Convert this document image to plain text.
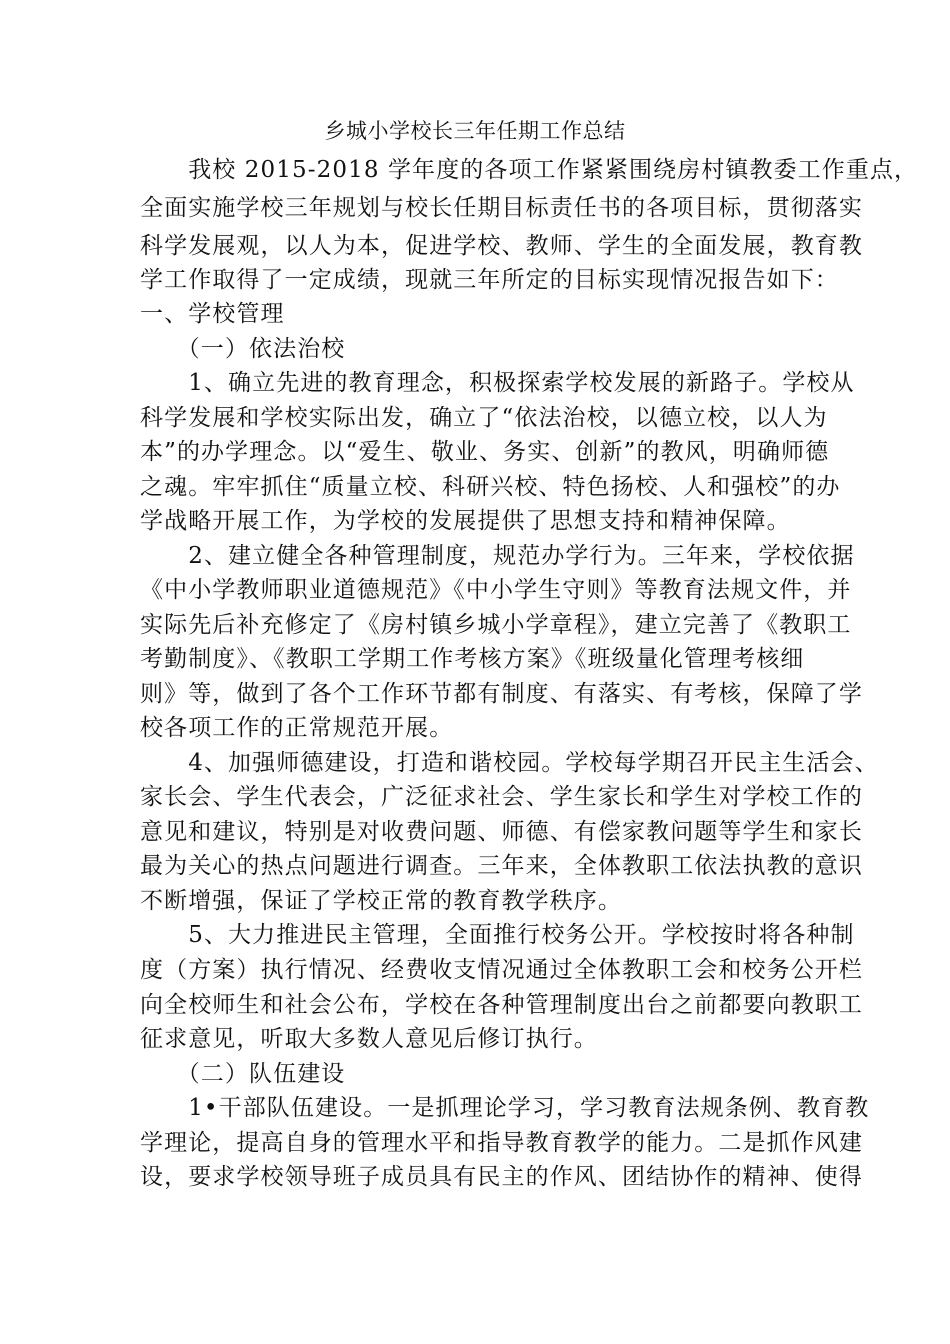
乡城小学校长三年任期工作总结
　　我校 2015-2018 学年度的各项工作紧紧围绕房村镇教委工作重点，
全面实施学校三年规划与校长任期目标责任书的各项目标，贯彻落实
科学发展观，以人为本，促进学校、教师、学生的全面发展，教育教
学工作取得了一定成绩，现就三年所定的目标实现情况报告如下：
一、学校管理
　　（一）依法治校
　　1、确立先进的教育理念，积极探索学校发展的新路子。学校从
科学发展和学校实际出发，确立了“依法治校，以德立校，以人为
本”的办学理念。以“爱生、敬业、务实、创新”的教风，明确师德
之魂。牢牢抓住“质量立校、科研兴校、特色扬校、人和强校”的办
学战略开展工作，为学校的发展提供了思想支持和精神保障。
　　2、建立健全各种管理制度，规范办学行为。三年来，学校依据
《中小学教师职业道德规范》《中小学生守则》等教育法规文件，并
实际先后补充修定了《房村镇乡城小学章程》，建立完善了《教职工
考勤制度》、《教职工学期工作考核方案》《班级量化管理考核细
则》等，做到了各个工作环节都有制度、有落实、有考核，保障了学
校各项工作的正常规范开展。
　　4、加强师德建设，打造和谐校园。学校每学期召开民主生活会、
家长会、学生代表会，广泛征求社会、学生家长和学生对学校工作的
意见和建议，特别是对收费问题、师德、有偿家教问题等学生和家长
最为关心的热点问题进行调查。三年来，全体教职工依法执教的意识
不断增强，保证了学校正常的教育教学秩序。
　　5、大力推进民主管理，全面推行校务公开。学校按时将各种制
度（方案）执行情况、经费收支情况通过全体教职工会和校务公开栏
向全校师生和社会公布，学校在各种管理制度出台之前都要向教职工
征求意见，听取大多数人意见后修订执行。
　　（二）队伍建设
　　1•干部队伍建设。一是抓理论学习，学习教育法规条例、教育教
学理论，提高自身的管理水平和指导教育教学的能力。二是抓作风建
设，要求学校领导班子成员具有民主的作风、团结协作的精神、使得
